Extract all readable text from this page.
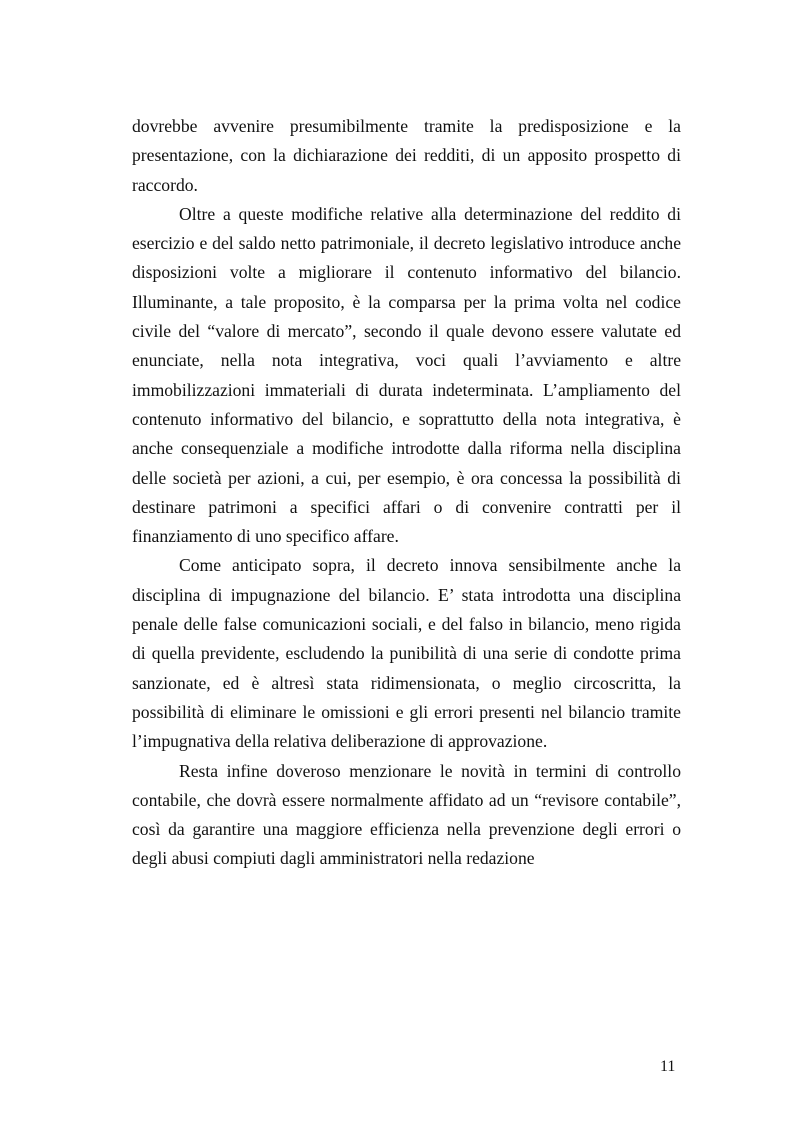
dovrebbe avvenire presumibilmente tramite la predisposizione e la presentazione, con la dichiarazione dei redditi, di un apposito prospetto di raccordo.

Oltre a queste modifiche relative alla determinazione del reddito di esercizio e del saldo netto patrimoniale, il decreto legislativo introduce anche disposizioni volte a migliorare il contenuto informativo del bilancio. Illuminante, a tale proposito, è la comparsa per la prima volta nel codice civile del “valore di mercato”, secondo il quale devono essere valutate ed enunciate, nella nota integrativa, voci quali l’avviamento e altre immobilizzazioni immateriali di durata indeterminata. L’ampliamento del contenuto informativo del bilancio, e soprattutto della nota integrativa, è anche consequenziale a modifiche introdotte dalla riforma nella disciplina delle società per azioni, a cui, per esempio, è ora concessa la possibilità di destinare patrimoni a specifici affari o di convenire contratti per il finanziamento di uno specifico affare.

Come anticipato sopra, il decreto innova sensibilmente anche la disciplina di impugnazione del bilancio. E’ stata introdotta una disciplina penale delle false comunicazioni sociali, e del falso in bilancio, meno rigida di quella previdente, escludendo la punibilità di una serie di condotte prima sanzionate, ed è altresì stata ridimensionata, o meglio circoscritta, la possibilità di eliminare le omissioni e gli errori presenti nel bilancio tramite l’impugnativa della relativa deliberazione di approvazione.

Resta infine doveroso menzionare le novità in termini di controllo contabile, che dovrà essere normalmente affidato ad un “revisore contabile”, così da garantire una maggiore efficienza nella prevenzione degli errori o degli abusi compiuti dagli amministratori nella redazione

11
